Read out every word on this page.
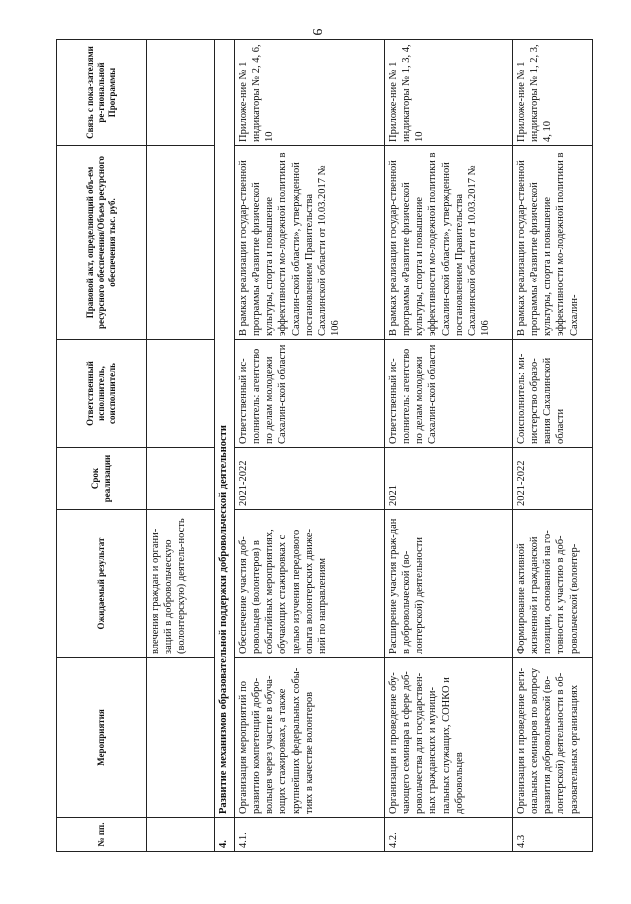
9
№ пп.	Мероприятия	Ожидаемый результат	Срок реализации	Ответственный исполнитель, соисполнитель	Правовой акт, определяющий объ-ем ресурсного обеспечения/Объем ресурсного обеспечения тыс. руб.	Связь с пока-зателями ре-гиональной Программы
		влечения граждан и органи-заций в добровольческую (волонтерскую) деятель-ность				
4.	Развитие механизмов образовательной поддержки добровольческой деятельности					
4.1.	Организация мероприятий по развитию компетенций добро-вольцев через участие в обуча-ющих стажировках, а также крупнейших федеральных собы-тиях в качестве волонтеров	Обеспечение участия доб-ровольцев (волонтеров) в событийных мероприятиях, обучающих стажировках с целью изучения передового опыта волонтерских движе-ний по направлениям	2021-2022	Ответственный ис-полнитель: агентство по делам молодежи Сахалин-ской области	В рамках реализации государ-ственной программы «Развитие физической культуры, спорта и повышение эффективности мо-лодежной политики в Сахалин-ской области», утвержденной постановлением Правительства Сахалинской области от 10.03.2017 № 106	Приложе-ние № 1 индикаторы № 2, 4, 6, 10
4.2.	Организация и проведение обу-чающего семинара в сфере доб-ровольчества для государствен-ных гражданских и муници-пальных служащих, СОНКО и добровольцев	Расширение участия граж-дан в добровольческой (во-лонтерской) деятельности	2021	Ответственный ис-полнитель: агентство по делам молодежи Сахалин-ской области	В рамках реализации государ-ственной программы «Развитие физической культуры, спорта и повышение эффективности мо-лодежной политики в Сахалин-ской области», утвержденной постановлением Правительства Сахалинской области от 10.03.2017 № 106	Приложе-ние № 1 индикаторы № 1, 3, 4, 10
4.3	Организация и проведение реги-ональных семинаров по вопросу развития добровольческой (во-лонтерской) деятельности в об-разовательных организациях	Формирование активной жизненной и гражданской позиции, основанной на го-товности к участию в доб-ровольческой (волонтер-	2021-2022	Соисполнитель: ми-нистерство образо-вания Сахалинской области	В рамках реализации государ-ственной программы «Развитие физической культуры, спорта и повышение эффективности мо-лодежной политики в Сахалин-	Приложе-ние № 1 индикаторы № 1, 2, 3, 4, 10
